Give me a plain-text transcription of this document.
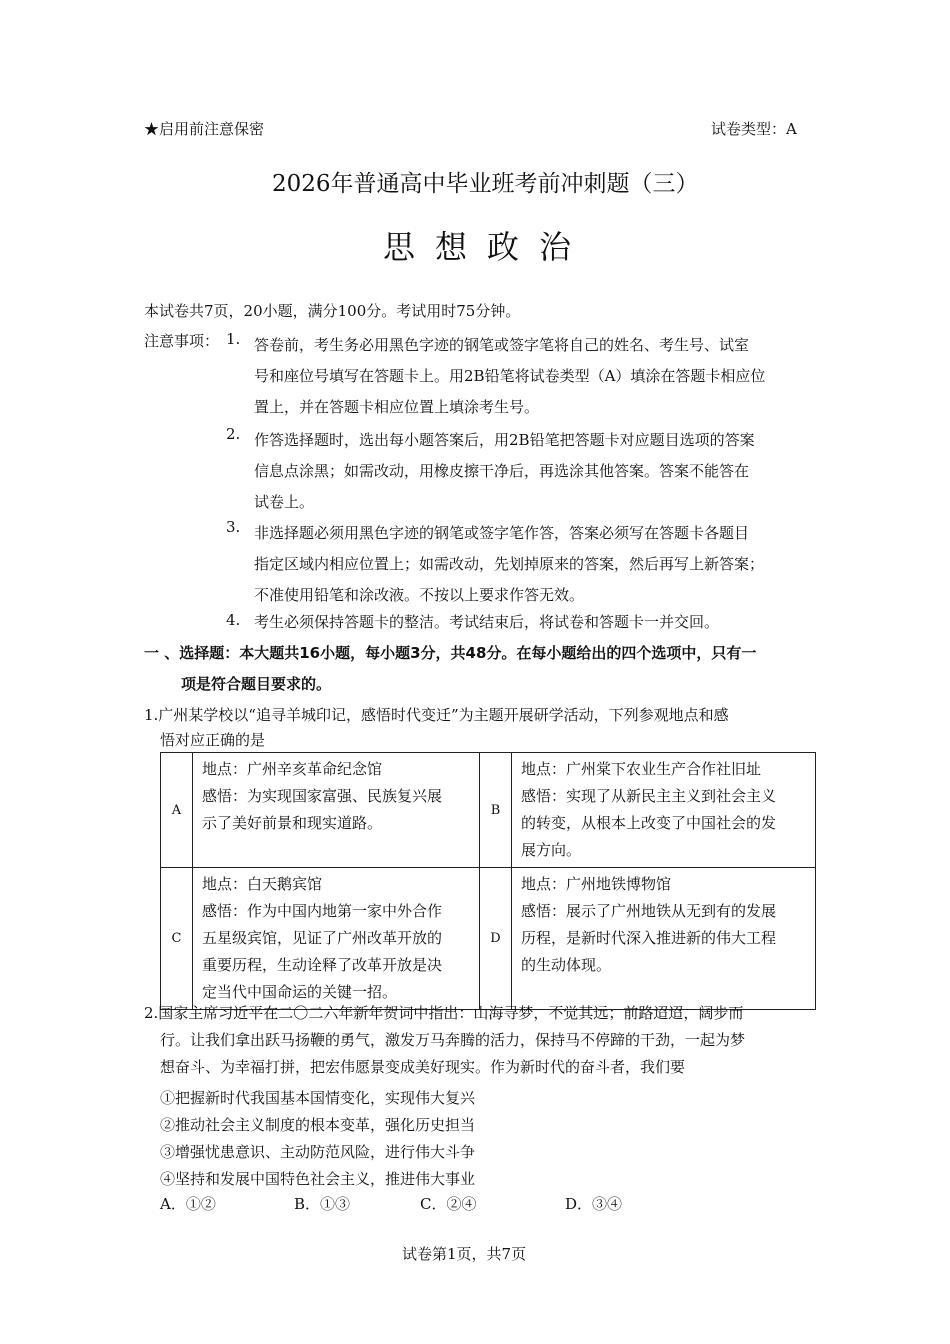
★启用前注意保密	试卷类型：A
2026年普通高中毕业班考前冲刺题（三）
思想政治
本试卷共7页，20小题，满分100分。考试用时75分钟。
注意事项： 1. 答卷前，考生务必用黑色字迹的钢笔或签字笔将自己的姓名、考生号、试室
号和座位号填写在答题卡上。用2B铅笔将试卷类型（A）填涂在答题卡相应位
置上，并在答题卡相应位置上填涂考生号。
2. 作答选择题时，选出每小题答案后，用2B铅笔把答题卡对应题目选项的答案
信息点涂黑；如需改动，用橡皮擦干净后，再选涂其他答案。答案不能答在
试卷上。
3. 非选择题必须用黑色字迹的钢笔或签字笔作答，答案必须写在答题卡各题目
指定区域内相应位置上；如需改动，先划掉原来的答案，然后再写上新答案；
不准使用铅笔和涂改液。不按以上要求作答无效。
4. 考生必须保持答题卡的整洁。考试结束后，将试卷和答题卡一并交回。
一 、选择题：本大题共16小题，每小题3分，共48分。在每小题给出的四个选项中，只有一
项是符合题目要求的。
1.广州某学校以“追寻羊城印记，感悟时代变迁”为主题开展研学活动，下列参观地点和感
悟对应正确的是
A	地点：广州辛亥革命纪念馆
感悟：为实现国家富强、民族复兴展
示了美好前景和现实道路。	B	地点：广州棠下农业生产合作社旧址
感悟：实现了从新民主主义到社会主义
的转变，从根本上改变了中国社会的发
展方向。

C	地点：白天鹅宾馆
感悟：作为中国内地第一家中外合作
五星级宾馆，见证了广州改革开放的
重要历程，生动诠释了改革开放是决
定当代中国命运的关键一招。	D	地点：广州地铁博物馆
感悟：展示了广州地铁从无到有的发展
历程，是新时代深入推进新的伟大工程
的生动体现。
2.国家主席习近平在二〇二六年新年贺词中指出：山海寻梦，不觉其远；前路迢迢，阔步而
行。让我们拿出跃马扬鞭的勇气，激发万马奔腾的活力，保持马不停蹄的干劲，一起为梦
想奋斗、为幸福打拼，把宏伟愿景变成美好现实。作为新时代的奋斗者，我们要
①把握新时代我国基本国情变化，实现伟大复兴
②推动社会主义制度的根本变革，强化历史担当
③增强忧患意识、主动防范风险，进行伟大斗争
④坚持和发展中国特色社会主义，推进伟大事业
A．①②	B．①③	C．②④	D．③④
试卷第1页，共7页
